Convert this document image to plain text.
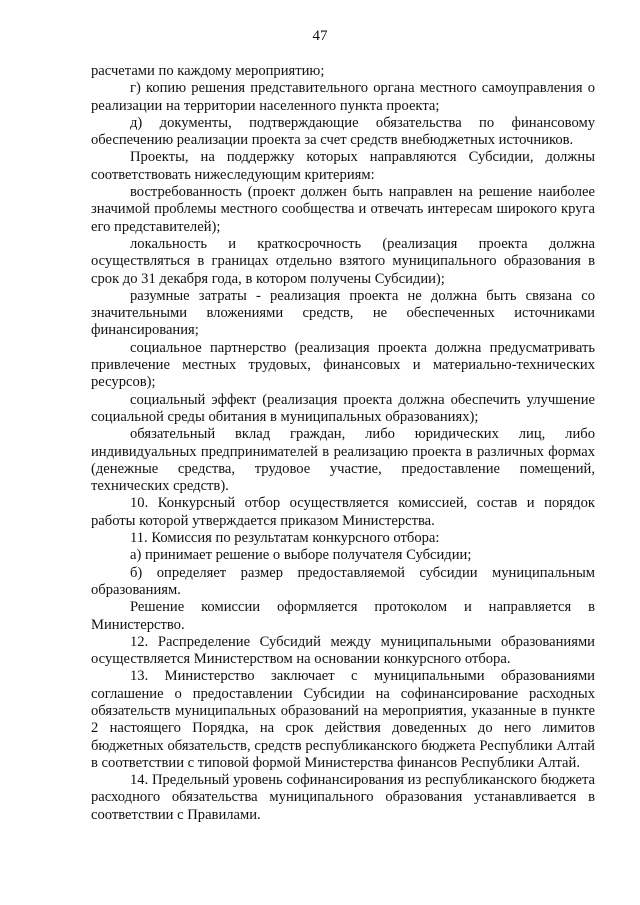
47

расчетами по каждому мероприятию;

г) копию решения представительного органа местного самоуправления о реализации на территории населенного пункта проекта;

д) документы, подтверждающие обязательства по финансовому обеспечению реализации проекта за счет средств внебюджетных источников.

Проекты, на поддержку которых направляются Субсидии, должны соответствовать нижеследующим критериям:

востребованность (проект должен быть направлен на решение наиболее значимой проблемы местного сообщества и отвечать интересам широкого круга его представителей);

локальность и краткосрочность (реализация проекта должна осуществляться в границах отдельно взятого муниципального образования в срок до 31 декабря года, в котором получены Субсидии);

разумные затраты - реализация проекта не должна быть связана со значительными вложениями средств, не обеспеченных источниками финансирования;

социальное партнерство (реализация проекта должна предусматривать привлечение местных трудовых, финансовых и материально-технических ресурсов);

социальный эффект (реализация проекта должна обеспечить улучшение социальной среды обитания в муниципальных образованиях);

обязательный вклад граждан, либо юридических лиц, либо индивидуальных предпринимателей в реализацию проекта в различных формах (денежные средства, трудовое участие, предоставление помещений, технических средств).

10. Конкурсный отбор осуществляется комиссией, состав и порядок работы которой утверждается приказом Министерства.

11. Комиссия по результатам конкурсного отбора:

а) принимает решение о выборе получателя Субсидии;

б) определяет размер предоставляемой субсидии муниципальным образованиям.

Решение комиссии оформляется протоколом и направляется в Министерство.

12. Распределение Субсидий между муниципальными образованиями осуществляется Министерством на основании конкурсного отбора.

13. Министерство заключает с муниципальными образованиями соглашение о предоставлении Субсидии на софинансирование расходных обязательств муниципальных образований на мероприятия, указанные в пункте 2 настоящего Порядка, на срок действия доведенных до него лимитов бюджетных обязательств, средств республиканского бюджета Республики Алтай в соответствии с типовой формой Министерства финансов Республики Алтай.

14. Предельный уровень софинансирования из республиканского бюджета расходного обязательства муниципального образования устанавливается в соответствии с Правилами.
